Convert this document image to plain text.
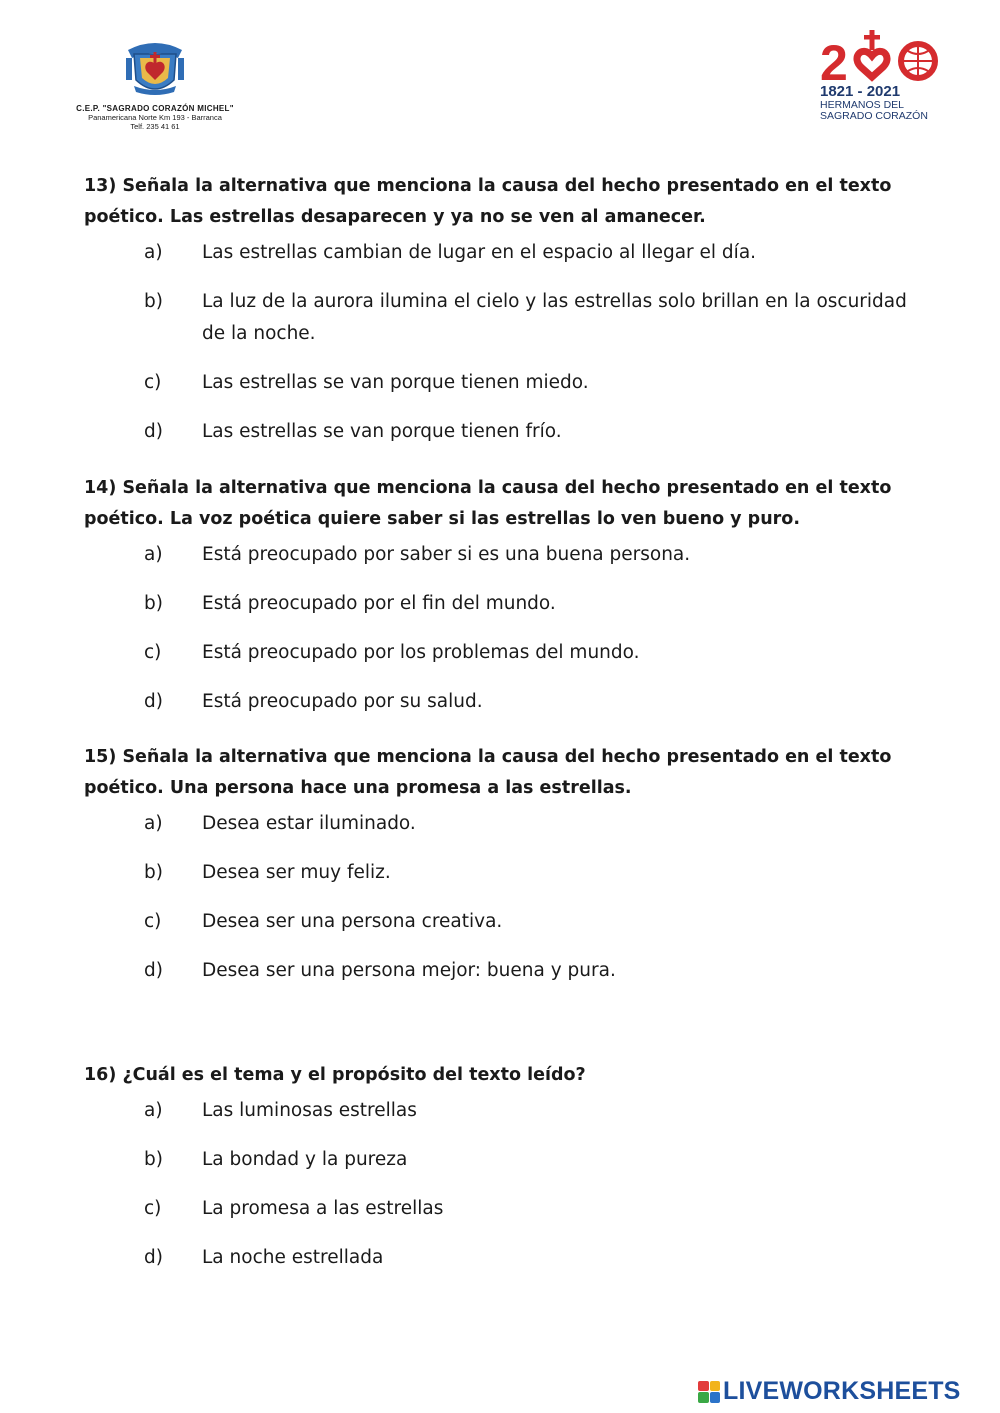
C.E.P. "SAGRADO CORAZÓN MICHEL"
Panamericana Norte Km 193 - Barranca
Telf. 235 41 61
2
1821 - 2021
HERMANOS DEL
SAGRADO CORAZÓN
13) Señala la alternativa que menciona la causa del hecho presentado en el texto poético. Las estrellas desaparecen y ya no se ven al amanecer.
a)	Las estrellas cambian de lugar en el espacio al llegar el día.
b)	La luz de la aurora ilumina el cielo y las estrellas solo brillan en la oscuridad de la noche.
c)	Las estrellas se van porque tienen miedo.
d)	Las estrellas se van porque tienen frío.
14) Señala la alternativa que menciona la causa del hecho presentado en el texto poético. La voz poética quiere saber si las estrellas lo ven bueno y puro.
a)	Está preocupado por saber si es una buena persona.
b)	Está preocupado por el fin del mundo.
c)	Está preocupado por los problemas del mundo.
d)	Está preocupado por su salud.
15) Señala la alternativa que menciona la causa del hecho presentado en el texto poético. Una persona hace una promesa a las estrellas.
a)	Desea estar iluminado.
b)	Desea ser muy feliz.
c)	Desea ser una persona creativa.
d)	Desea ser una persona mejor: buena y pura.
16) ¿Cuál es el tema y el propósito del texto leído?
a)	Las luminosas estrellas
b)	La bondad y la pureza
c)	La promesa a las estrellas
d)	La noche estrellada
LIVEWORKSHEETS
